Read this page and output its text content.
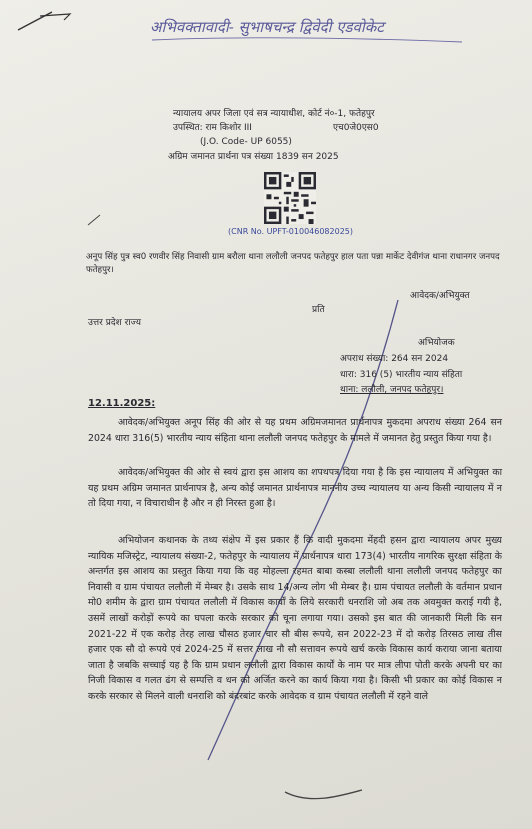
अभिवक्तावादी- सुभाषचन्द्र द्विवेदी एडवोकेट
न्यायालय अपर जिला एवं सत्र न्यायाधीश, कोर्ट नं०-1, फतेहपुर
उपस्थित: राम किशोर III	एच0जे0एस0
(J.O. Code- UP 6055)
अग्रिम जमानत प्रार्थना पत्र संख्या 1839 सन 2025
(CNR No. UPFT-010046082025)
अनूप सिंह पुत्र स्व0 रणवीर सिंह निवासी ग्राम बरौला थाना ललौली जनपद फतेहपुर हाल पता पन्ना मार्केट देवीगंज थाना राधानगर जनपद फतेहपुर।
आवेदक/अभियुक्त
प्रति
उत्तर प्रदेश राज्य
अभियोजक
अपराध संख्या: 264 सन 2024
धारा: 316 (5) भारतीय न्याय संहिता
थाना: ललौली, जनपद फतेहपुर।
12.11.2025:
आवेदक/अभियुक्त अनूप सिंह की ओर से यह प्रथम अग्रिमजमानत प्रार्थनापत्र मुकदमा अपराध संख्या 264 सन 2024 धारा 316(5) भारतीय न्याय संहिता थाना ललौली जनपद फतेहपुर के मामले में जमानत हेतु प्रस्तुत किया गया है।
आवेदक/अभियुक्त की ओर से स्वयं द्वारा इस आशय का शपथपत्र दिया गया है कि इस न्यायालय में अभियुक्त का यह प्रथम अग्रिम जमानत प्रार्थनापत्र है, अन्य कोई जमानत प्रार्थनापत्र माननीय उच्च न्यायालय या अन्य किसी न्यायालय में न तो दिया गया, न विचाराधीन है और न ही निरस्त हुआ है।
अभियोजन कथानक के तथ्य संक्षेप में इस प्रकार हैं कि वादी मुकदमा मेंहदी हसन द्वारा न्यायालय अपर मुख्य न्यायिक मजिस्ट्रेट, न्यायालय संख्या-2, फतेहपुर के न्यायालय में प्रार्थनापत्र धारा 173(4) भारतीय नागरिक सुरक्षा संहिता के अन्तर्गत इस आशय का प्रस्तुत किया गया कि वह मोहल्ला रहमत बाबा कस्बा ललौली थाना ललौली जनपद फतेहपुर का निवासी व ग्राम पंचायत ललौली में मेम्बर है। उसके साथ 14/अन्य लोग भी मेम्बर है। ग्राम पंचायत ललौली के वर्तमान प्रधान मो0 शमीम के द्वारा ग्राम पंचायत ललौली में विकास कार्यों के लिये सरकारी धनराशि जो अब तक अवमुक्त कराई गयी है, उसमें लाखों करोड़ों रूपये का घपला करके सरकार को चूना लगाया गया। उसको इस बात की जानकारी मिली कि सन 2021-22 में एक करोड़ तेरह लाख चौसठ हजार चार सौ बीस रूपये, सन 2022-23 में दो करोड़ तिरसठ लाख तीस हजार एक सौ दो रूपये एवं 2024-25 में सत्तर लाख नौ सौ सत्तावन रूपये खर्च करके विकास कार्य कराया जाना बताया जाता है जबकि सच्चाई यह है कि ग्राम प्रधान ललौली द्वारा विकास कार्यों के नाम पर मात्र लीपा पोती करके अपनी घर का निजी विकास व गलत ढंग से सम्पत्ति व धन को अर्जित करने का कार्य किया गया है। किसी भी प्रकार का कोई विकास न करके सरकार से मिलने वाली धनराशि को बंदरबांट करके आवेदक व ग्राम पंचायत ललौली में रहने वाले
